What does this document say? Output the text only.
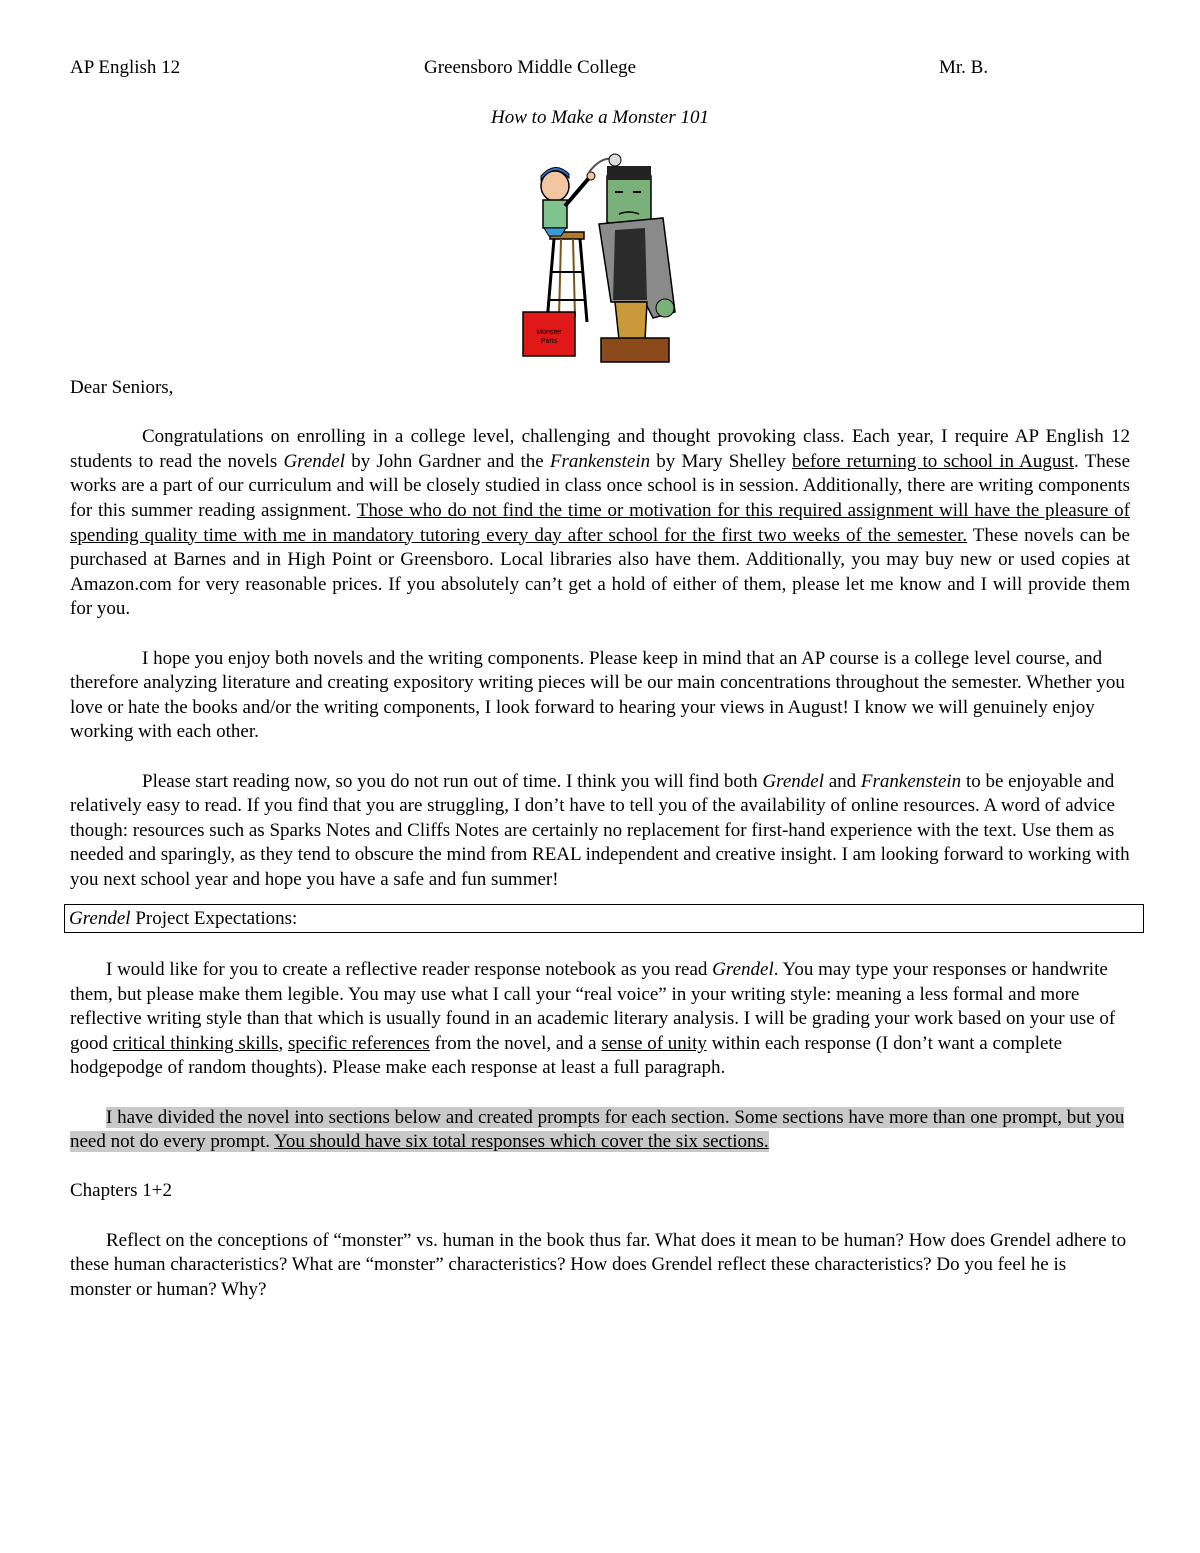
AP English 12	Greensboro Middle College	Mr. B.
How to Make a Monster 101
Monster
Parts

Dear Seniors,

Congratulations on enrolling in a college level, challenging and thought provoking class. Each year, I require AP English 12 students to read the novels Grendel by John Gardner and the Frankenstein by Mary Shelley before returning to school in August. These works are a part of our curriculum and will be closely studied in class once school is in session. Additionally, there are writing components for this summer reading assignment. Those who do not find the time or motivation for this required assignment will have the pleasure of spending quality time with me in mandatory tutoring every day after school for the first two weeks of the semester. These novels can be purchased at Barnes and in High Point or Greensboro. Local libraries also have them. Additionally, you may buy new or used copies at Amazon.com for very reasonable prices. If you absolutely can’t get a hold of either of them, please let me know and I will provide them for you.

I hope you enjoy both novels and the writing components. Please keep in mind that an AP course is a college level course, and therefore analyzing literature and creating expository writing pieces will be our main concentrations throughout the semester. Whether you love or hate the books and/or the writing components, I look forward to hearing your views in August! I know we will genuinely enjoy working with each other.

Please start reading now, so you do not run out of time. I think you will find both Grendel and Frankenstein to be enjoyable and relatively easy to read. If you find that you are struggling, I don’t have to tell you of the availability of online resources. A word of advice though: resources such as Sparks Notes and Cliffs Notes are certainly no replacement for first-hand experience with the text. Use them as needed and sparingly, as they tend to obscure the mind from REAL independent and creative insight. I am looking forward to working with you next school year and hope you have a safe and fun summer!

Grendel Project Expectations:

I would like for you to create a reflective reader response notebook as you read Grendel. You may type your responses or handwrite them, but please make them legible. You may use what I call your “real voice” in your writing style: meaning a less formal and more reflective writing style than that which is usually found in an academic literary analysis. I will be grading your work based on your use of good critical thinking skills, specific references from the novel, and a sense of unity within each response (I don’t want a complete hodgepodge of random thoughts). Please make each response at least a full paragraph.

I have divided the novel into sections below and created prompts for each section. Some sections have more than one prompt, but you need not do every prompt. You should have six total responses which cover the six sections.

Chapters 1+2

Reflect on the conceptions of “monster” vs. human in the book thus far. What does it mean to be human? How does Grendel adhere to these human characteristics? What are “monster” characteristics? How does Grendel reflect these characteristics? Do you feel he is monster or human? Why?
